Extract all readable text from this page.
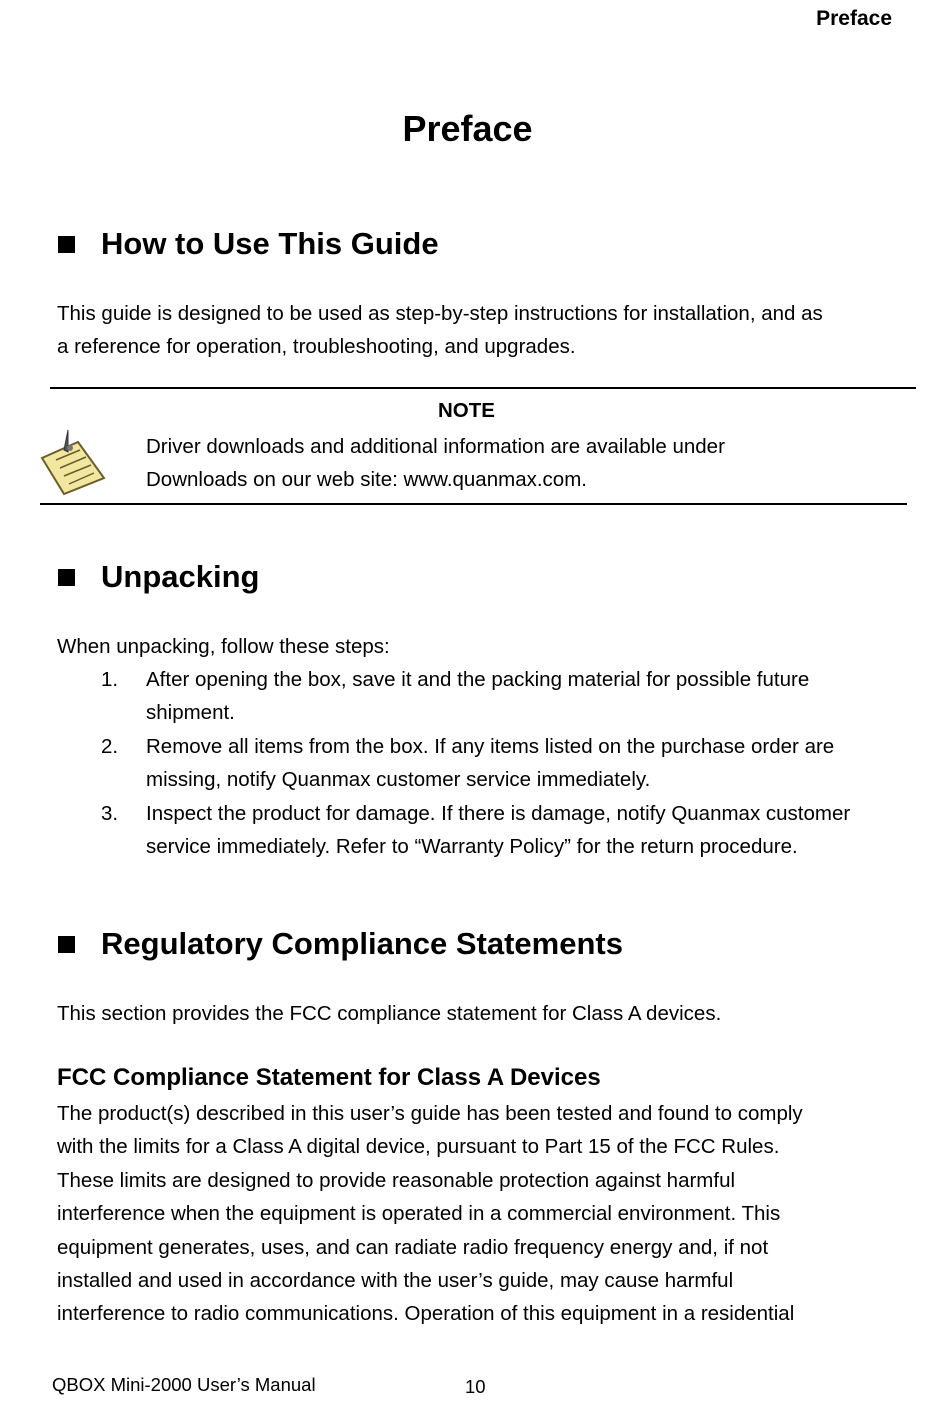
Preface
Preface
How to Use This Guide
This guide is designed to be used as step-by-step instructions for installation, and as
a reference for operation, troubleshooting, and upgrades.
NOTE
Driver downloads and additional information are available under
Downloads on our web site: www.quanmax.com.
Unpacking
When unpacking, follow these steps:
1. After opening the box, save it and the packing material for possible future shipment.
2. Remove all items from the box. If any items listed on the purchase order are missing, notify Quanmax customer service immediately.
3. Inspect the product for damage. If there is damage, notify Quanmax customer service immediately. Refer to “Warranty Policy” for the return procedure.
Regulatory Compliance Statements
This section provides the FCC compliance statement for Class A devices.
FCC Compliance Statement for Class A Devices
The product(s) described in this user’s guide has been tested and found to comply
with the limits for a Class A digital device, pursuant to Part 15 of the FCC Rules.
These limits are designed to provide reasonable protection against harmful
interference when the equipment is operated in a commercial environment. This
equipment generates, uses, and can radiate radio frequency energy and, if not
installed and used in accordance with the user’s guide, may cause harmful
interference to radio communications. Operation of this equipment in a residential
QBOX Mini-2000 User’s Manual	10
